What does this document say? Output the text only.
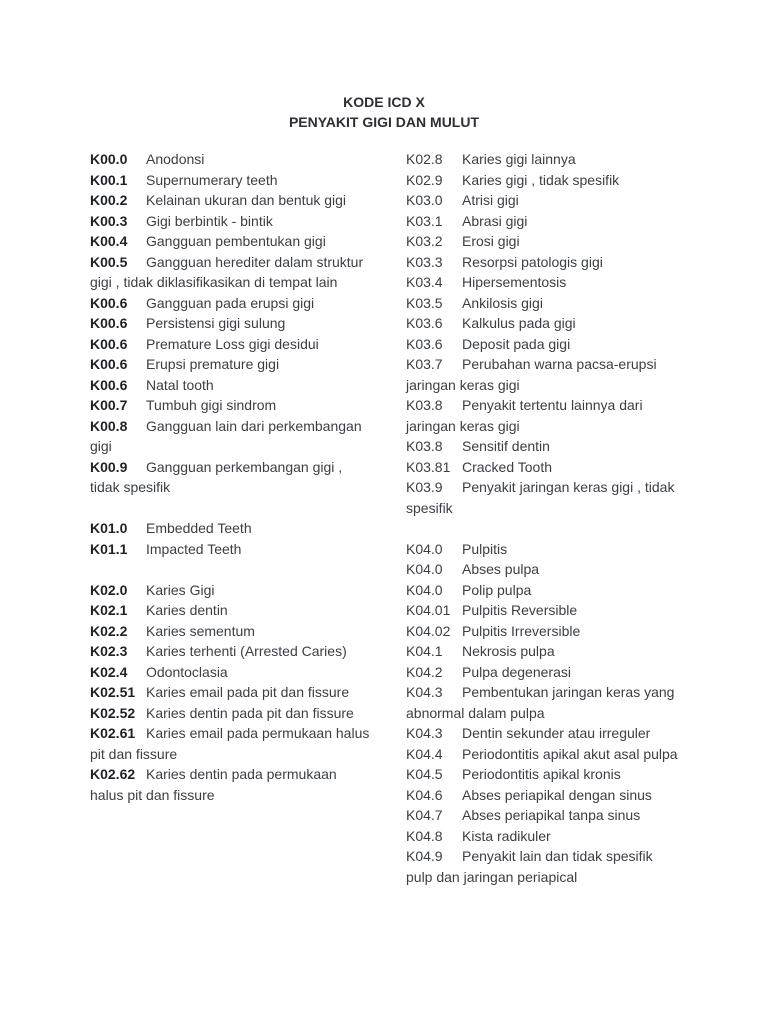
KODE ICD X
PENYAKIT GIGI DAN MULUT

K00.0 Anodonsi

K00.1 Supernumerary teeth

K00.2 Kelainan ukuran dan bentuk gigi

K00.3 Gigi berbintik - bintik

K00.4 Gangguan pembentukan gigi

K00.5 Gangguan herediter dalam struktur gigi , tidak diklasifikasikan di tempat lain

K00.6 Gangguan pada erupsi gigi

K00.6 Persistensi gigi sulung

K00.6 Premature Loss gigi desidui

K00.6 Erupsi premature gigi

K00.6 Natal tooth

K00.7 Tumbuh gigi sindrom

K00.8 Gangguan lain dari perkembangan gigi

K00.9 Gangguan perkembangan gigi , tidak spesifik

K01.0 Embedded Teeth

K01.1 Impacted Teeth

K02.0 Karies Gigi

K02.1 Karies dentin

K02.2 Karies sementum

K02.3 Karies terhenti (Arrested Caries)

K02.4 Odontoclasia

K02.51 Karies email pada pit dan fissure

K02.52 Karies dentin pada pit dan fissure

K02.61 Karies email pada permukaan halus pit dan fissure

K02.62 Karies dentin pada permukaan halus pit dan fissure

K02.8 Karies gigi lainnya

K02.9 Karies gigi , tidak spesifik

K03.0 Atrisi gigi

K03.1 Abrasi gigi

K03.2 Erosi gigi

K03.3 Resorpsi patologis gigi

K03.4 Hipersementosis

K03.5 Ankilosis gigi

K03.6 Kalkulus pada gigi

K03.6 Deposit pada gigi

K03.7 Perubahan warna pacsa-erupsi jaringan keras gigi

K03.8 Penyakit tertentu lainnya dari jaringan keras gigi

K03.8 Sensitif dentin

K03.81 Cracked Tooth

K03.9 Penyakit jaringan keras gigi , tidak spesifik

K04.0 Pulpitis

K04.0 Abses pulpa

K04.0 Polip pulpa

K04.01 Pulpitis Reversible

K04.02 Pulpitis Irreversible

K04.1 Nekrosis pulpa

K04.2 Pulpa degenerasi

K04.3 Pembentukan jaringan keras yang abnormal dalam pulpa

K04.3 Dentin sekunder atau irreguler

K04.4 Periodontitis apikal akut asal pulpa

K04.5 Periodontitis apikal kronis

K04.6 Abses periapikal dengan sinus

K04.7 Abses periapikal tanpa sinus

K04.8 Kista radikuler

K04.9 Penyakit lain dan tidak spesifik pulp dan jaringan periapical
